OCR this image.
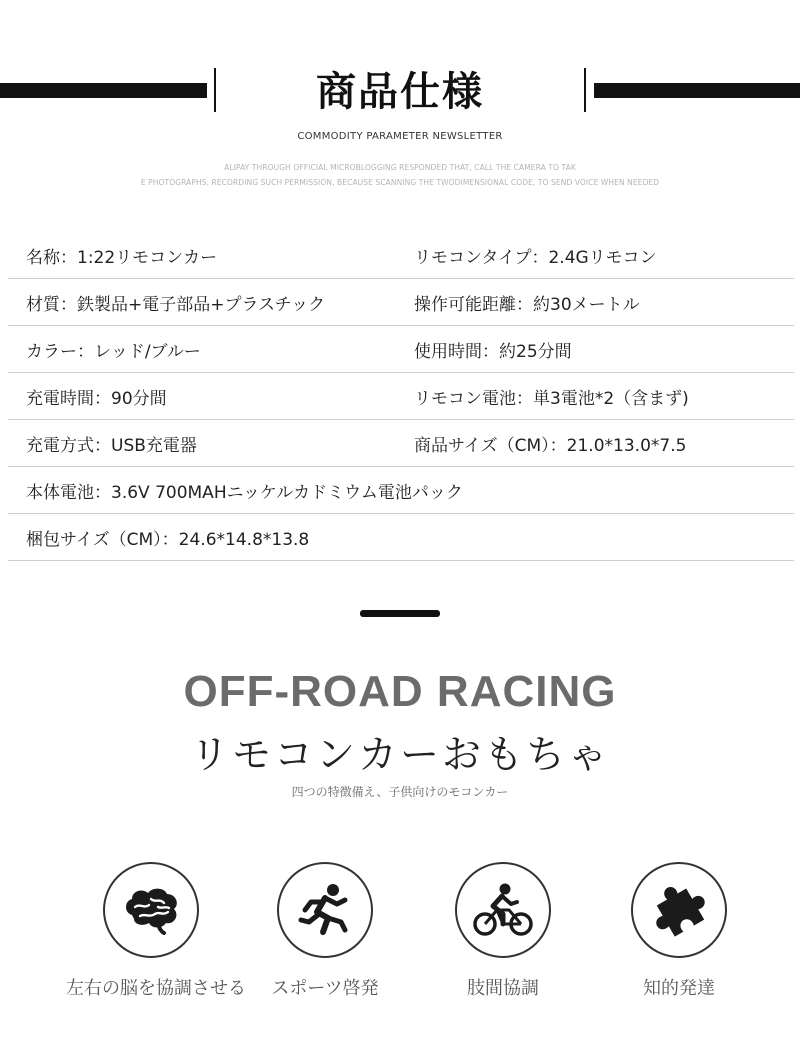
商品仕様
COMMODITY PARAMETER NEWSLETTER
ALIPAY THROUGH OFFICIAL MICROBLOGGING RESPONDED THAT, CALL THE CAMERA TO TAK
E PHOTOGRAPHS, RECORDING SUCH PERMISSION, BECAUSE SCANNING THE TWODIMENSIONAL CODE, TO SEND VOICE WHEN NEEDED
名称：1:22リモコンカー	リモコンタイプ：2.4Gリモコン
材質：鉄製品+電子部品+プラスチック	操作可能距離：約30メートル
カラー：レッド/ブルー	使用時間：約25分間
充電時間：90分間	リモコン電池：単3電池*2（含まず)
充電方式：USB充電器	商品サイズ（CM）：21.0*13.0*7.5
本体電池：3.6V 700MAHニッケルカドミウム電池パック
梱包サイズ（CM）：24.6*14.8*13.8
OFF-ROAD RACING
リモコンカーおもちゃ
四つの特徴備え、子供向けのモコンカー
左右の脳を協調させる	スポーツ啓発	肢間協調	知的発達
